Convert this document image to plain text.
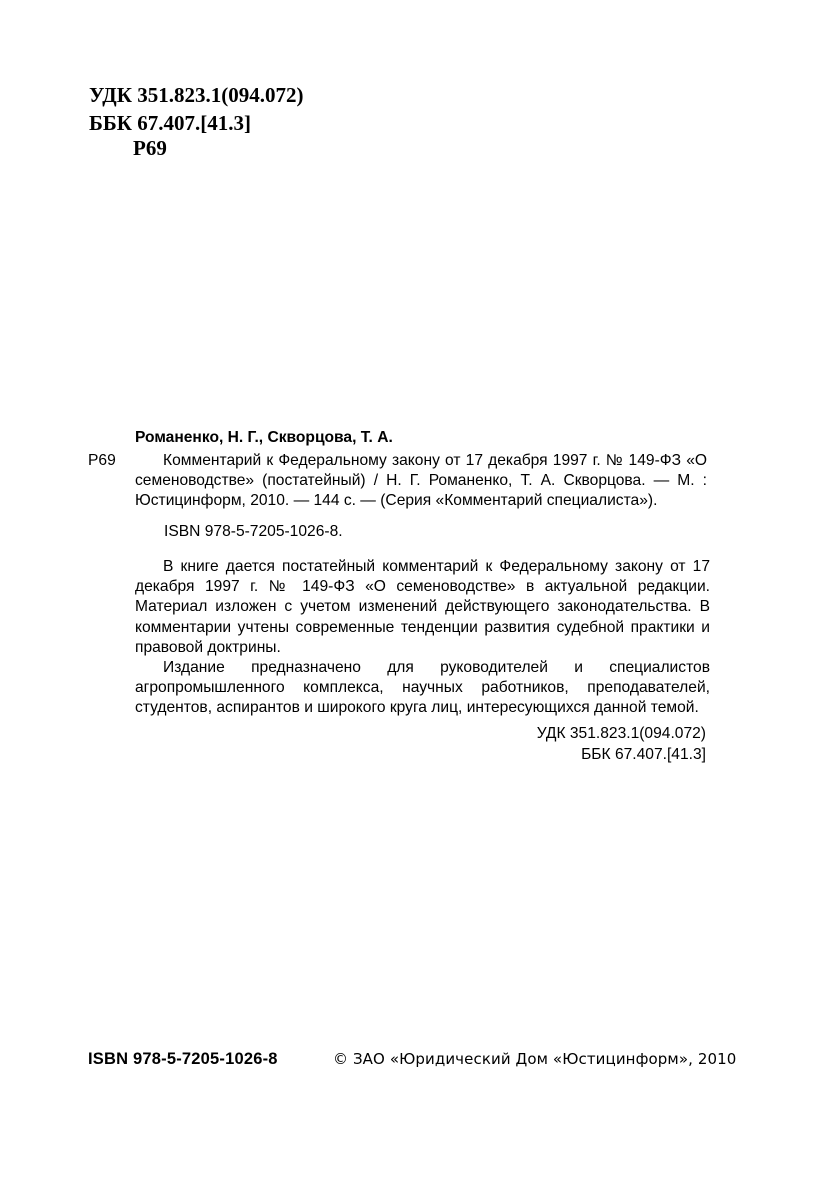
УДК 351.823.1(094.072)
ББК 67.407.[41.3]
Р69
Романенко, Н. Г., Скворцова, Т. А.
Р69	Комментарий к Федеральному закону от 17 декабря 1997 г. № 149-ФЗ «О семеноводстве» (постатейный) / Н. Г. Романенко, Т. А. Скворцова. — М. : Юстицинформ, 2010. — 144 с. — (Серия «Комментарий специалиста»).
ISBN 978-5-7205-1026-8.

В книге дается постатейный комментарий к Федеральному закону от 17 декабря 1997 г. № 149-ФЗ «О семеноводстве» в актуальной редакции. Материал изложен с учетом изменений действующего законодательства. В комментарии учтены современные тенденции развития судебной практики и правовой доктрины.

Издание предназначено для руководителей и специалистов агропромышленного комплекса, научных работников, преподавателей, студентов, аспирантов и широкого круга лиц, интересующихся данной темой.

УДК 351.823.1(094.072)
ББК 67.407.[41.3]
ISBN 978-5-7205-1026-8	© ЗАО «Юридический Дом «Юстицинформ», 2010
